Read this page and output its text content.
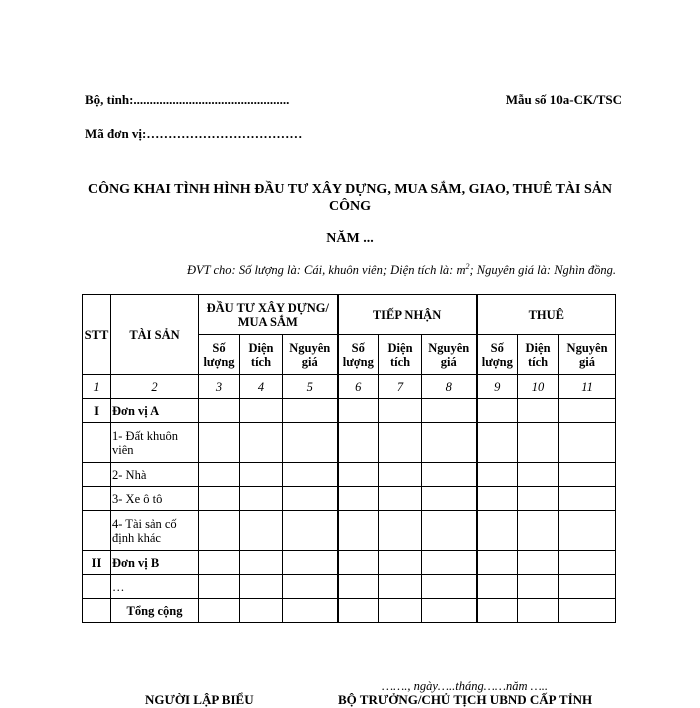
Bộ, tỉnh:................................................	Mẫu số 10a-CK/TSC
Mã đơn vị:………………………………
CÔNG KHAI TÌNH HÌNH ĐẦU TƯ XÂY DỰNG, MUA SẮM, GIAO, THUÊ TÀI SẢN
CÔNG
NĂM ...
ĐVT cho: Số lượng là: Cái, khuôn viên; Diện tích là: $m^2$; Nguyên giá là: Nghìn đồng.
STT	TÀI SẢN	ĐẦU TƯ XÂY DỰNG/ MUA SẮM			TIẾP NHẬN			THUÊ		
		Số lượng	Diện tích	Nguyên giá	Số lượng	Diện tích	Nguyên giá	Số lượng	Diện tích	Nguyên giá
1	2	3	4	5	6	7	8	9	10	11
I	Đơn vị A									
	1- Đất khuôn viên									
	2- Nhà									
	3- Xe ô tô									
	4- Tài sản cố định khác									
II	Đơn vị B									
	…									
	Tổng cộng									
……., ngày…..tháng……năm …..
NGƯỜI LẬP BIỂU	BỘ TRƯỞNG/CHỦ TỊCH UBND CẤP TỈNH
